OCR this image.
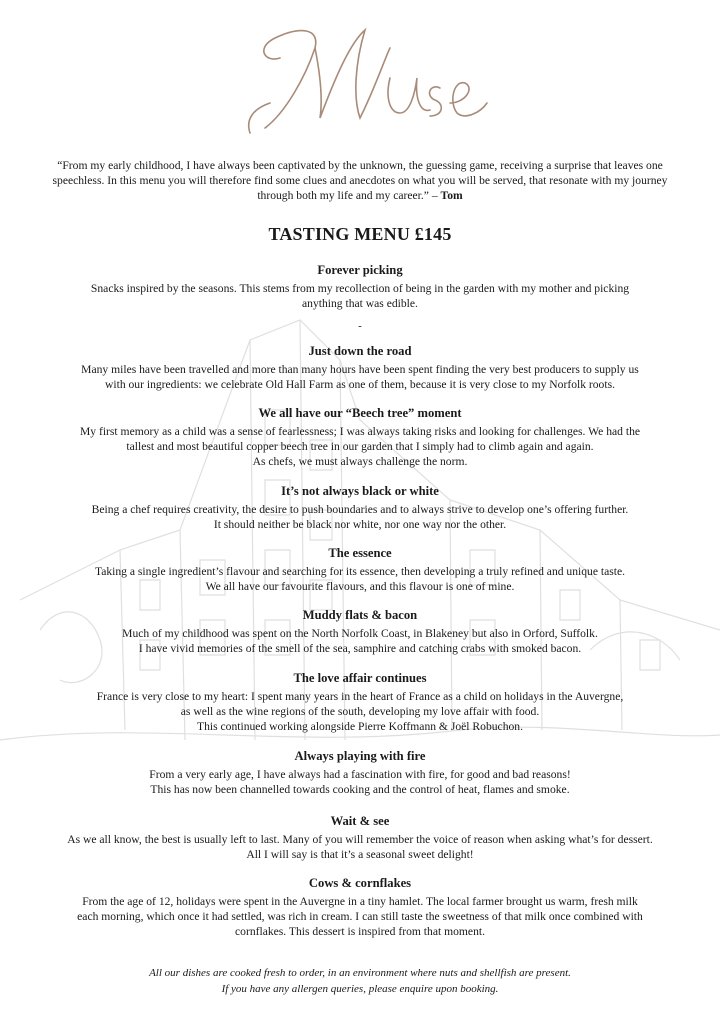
“From my early childhood, I have always been captivated by the unknown, the guessing game, receiving a surprise that leaves one speechless. In this menu you will therefore find some clues and anecdotes on what you will be served, that resonate with my journey through both my life and my career.” – Tom
TASTING MENU £145
Forever picking
Snacks inspired by the seasons. This stems from my recollection of being in the garden with my mother and picking
anything that was edible.
-
Just down the road
Many miles have been travelled and more than many hours have been spent finding the very best producers to supply us
with our ingredients: we celebrate Old Hall Farm as one of them, because it is very close to my Norfolk roots.
We all have our “Beech tree” moment
My first memory as a child was a sense of fearlessness; I was always taking risks and looking for challenges. We had the
tallest and most beautiful copper beech tree in our garden that I simply had to climb again and again.
As chefs, we must always challenge the norm.
It’s not always black or white
Being a chef requires creativity, the desire to push boundaries and to always strive to develop one’s offering further.
It should neither be black nor white, nor one way nor the other.
The essence
Taking a single ingredient’s flavour and searching for its essence, then developing a truly refined and unique taste.
We all have our favourite flavours, and this flavour is one of mine.
Muddy flats & bacon
Much of my childhood was spent on the North Norfolk Coast, in Blakeney but also in Orford, Suffolk.
I have vivid memories of the smell of the sea, samphire and catching crabs with smoked bacon.
The love affair continues
France is very close to my heart: I spent many years in the heart of France as a child on holidays in the Auvergne,
as well as the wine regions of the south, developing my love affair with food.
This continued working alongside Pierre Koffmann & Joël Robuchon.
Always playing with fire
From a very early age, I have always had a fascination with fire, for good and bad reasons!
This has now been channelled towards cooking and the control of heat, flames and smoke.
Wait & see
As we all know, the best is usually left to last. Many of you will remember the voice of reason when asking what’s for dessert.
All I will say is that it’s a seasonal sweet delight!
Cows & cornflakes
From the age of 12, holidays were spent in the Auvergne in a tiny hamlet. The local farmer brought us warm, fresh milk
each morning, which once it had settled, was rich in cream. I can still taste the sweetness of that milk once combined with
cornflakes. This dessert is inspired from that moment.
All our dishes are cooked fresh to order, in an environment where nuts and shellfish are present.
If you have any allergen queries, please enquire upon booking.
